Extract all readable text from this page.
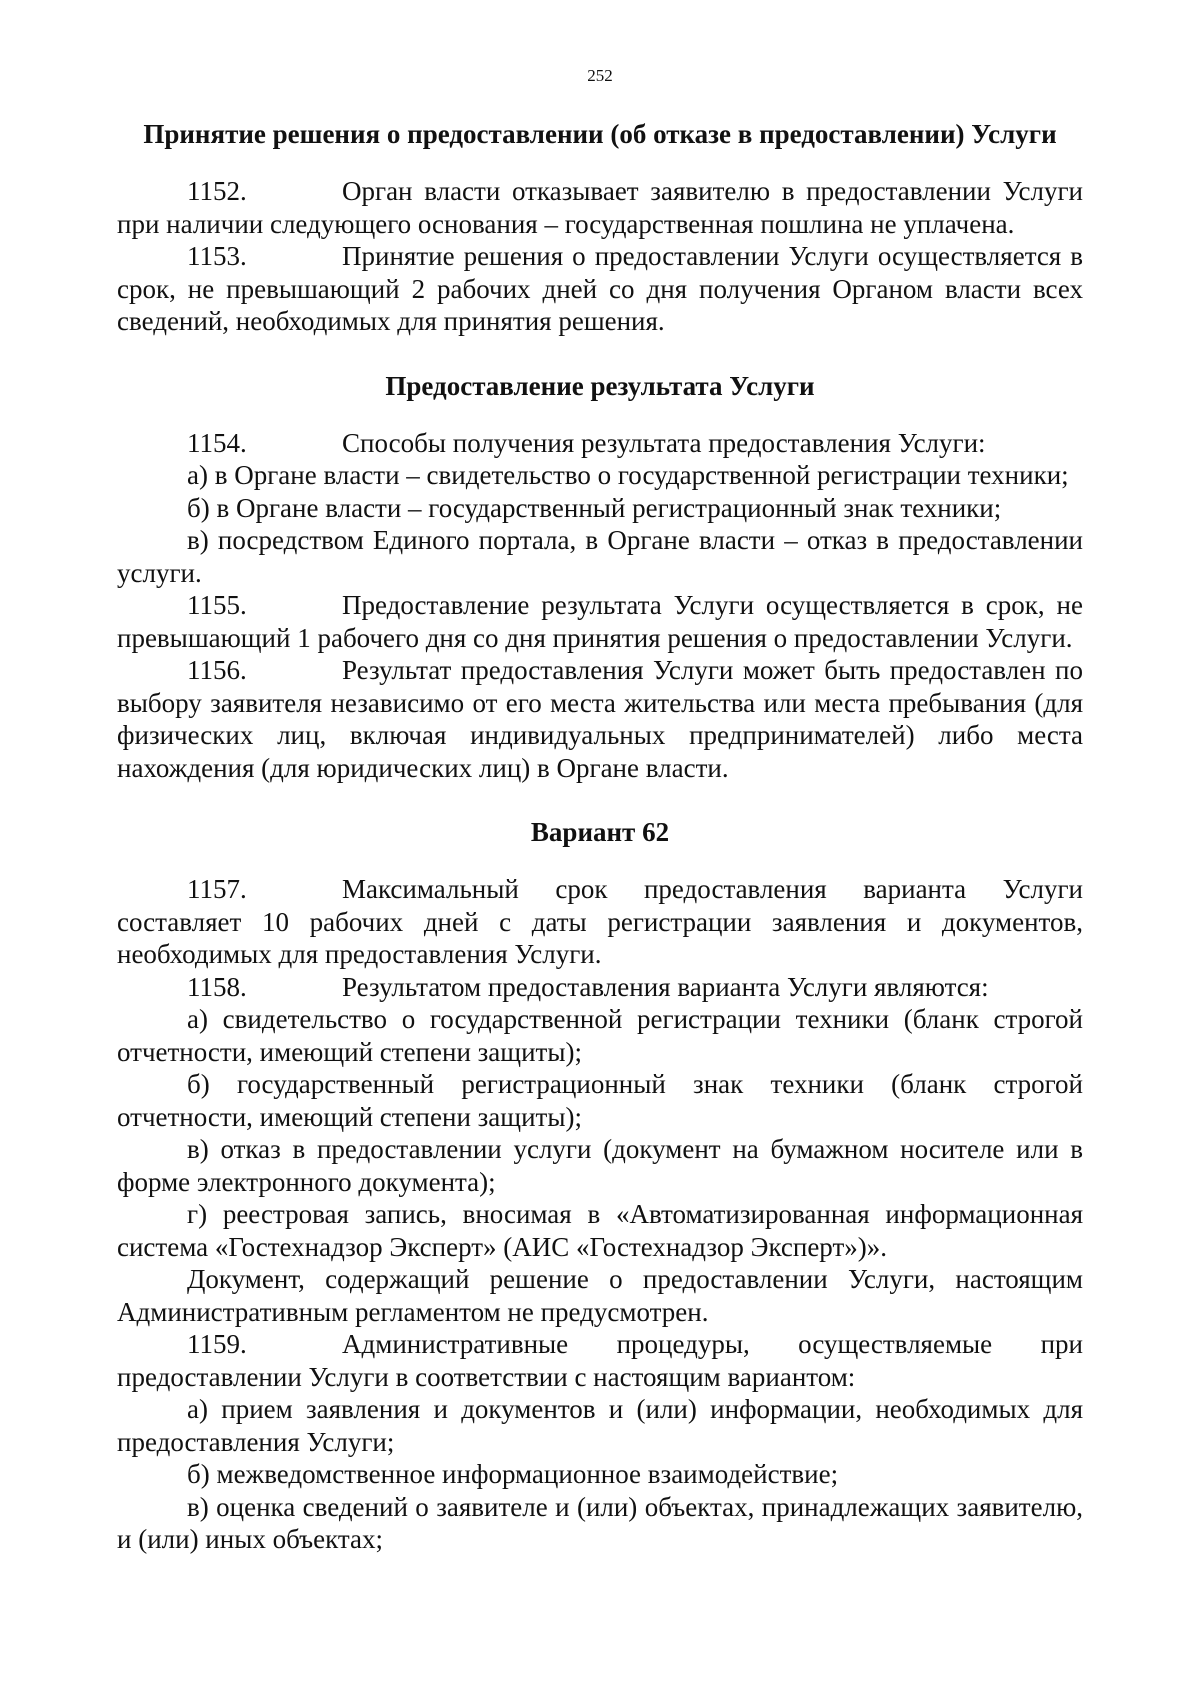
252
Принятие решения о предоставлении (об отказе в предоставлении) Услуги

1152.	Орган власти отказывает заявителю в предоставлении Услуги при наличии следующего основания – государственная пошлина не уплачена.

1153.	Принятие решения о предоставлении Услуги осуществляется в срок, не превышающий 2 рабочих дней со дня получения Органом власти всех сведений, необходимых для принятия решения.

Предоставление результата Услуги

1154.	Способы получения результата предоставления Услуги:

а) в Органе власти – свидетельство о государственной регистрации техники;

б) в Органе власти – государственный регистрационный знак техники;

в) посредством Единого портала, в Органе власти – отказ в предоставлении услуги.

1155.	Предоставление результата Услуги осуществляется в срок, не превышающий 1 рабочего дня со дня принятия решения о предоставлении Услуги.

1156.	Результат предоставления Услуги может быть предоставлен по выбору заявителя независимо от его места жительства или места пребывания (для физических лиц, включая индивидуальных предпринимателей) либо места нахождения (для юридических лиц) в Органе власти.

Вариант 62

1157.	Максимальный срок предоставления варианта Услуги составляет 10 рабочих дней с даты регистрации заявления и документов, необходимых для предоставления Услуги.

1158.	Результатом предоставления варианта Услуги являются:

а) свидетельство о государственной регистрации техники (бланк строгой отчетности, имеющий степени защиты);

б) государственный регистрационный знак техники (бланк строгой отчетности, имеющий степени защиты);

в) отказ в предоставлении услуги (документ на бумажном носителе или в форме электронного документа);

г) реестровая запись, вносимая в «Автоматизированная информационная система «Гостехнадзор Эксперт» (АИС «Гостехнадзор Эксперт»)».

Документ, содержащий решение о предоставлении Услуги, настоящим Административным регламентом не предусмотрен.

1159.	Административные процедуры, осуществляемые при предоставлении Услуги в соответствии с настоящим вариантом:

а) прием заявления и документов и (или) информации, необходимых для предоставления Услуги;

б) межведомственное информационное взаимодействие;

в) оценка сведений о заявителе и (или) объектах, принадлежащих заявителю, и (или) иных объектах;
